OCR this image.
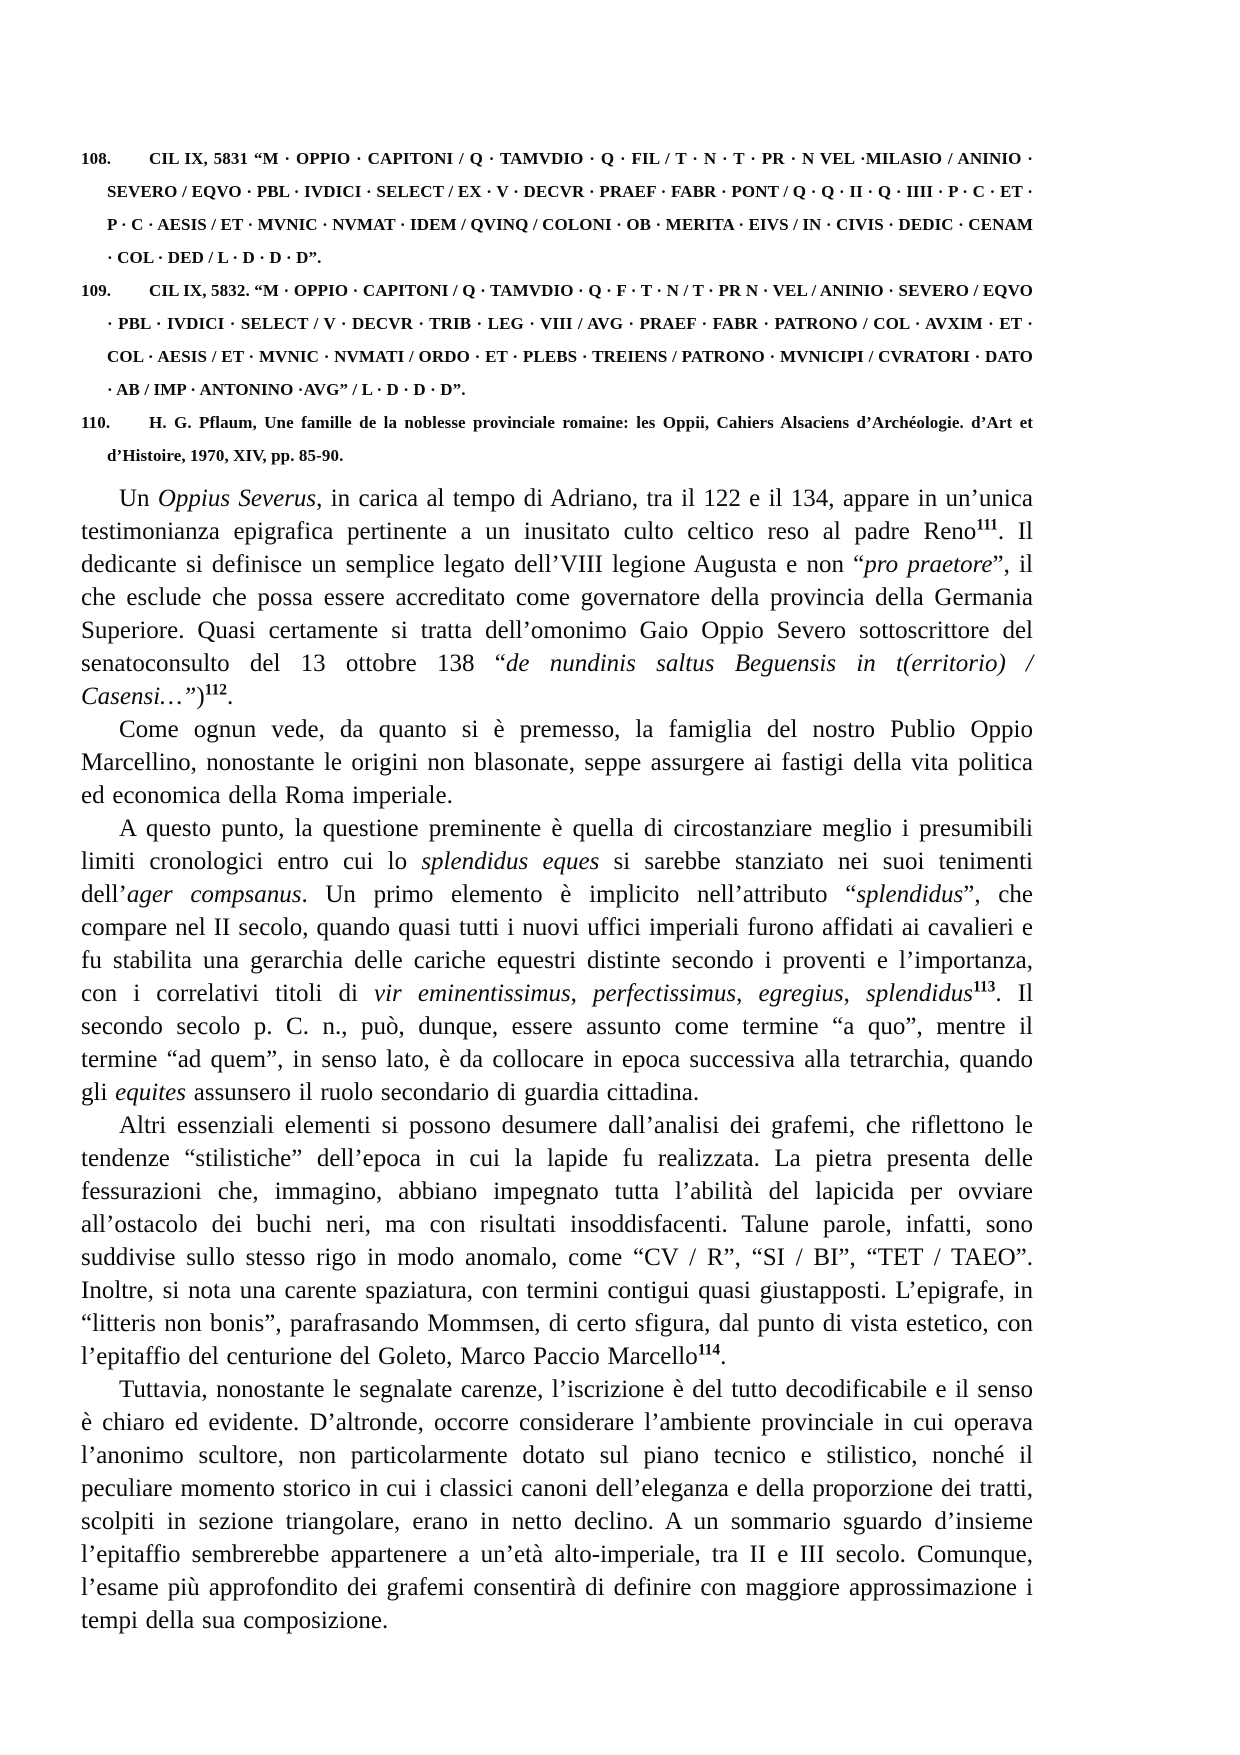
108. CIL IX, 5831 “M · OPPIO · CAPITONI / Q · TAMVDIO · Q · FIL / T · N · T · PR · N VEL ·MILASIO / ANINIO · SEVERO / EQVO · PBL · IVDICI · SELECT / EX · V · DECVR · PRAEF · FABR · PONT / Q · Q · II · Q · IIII · P · C · ET · P · C · AESIS / ET · MVNIC · NVMAT · IDEM / QVINQ / COLONI · OB · MERITA · EIVS / IN · CIVIS · DEDIC · CENAM · COL · DED / L · D · D · D”.
109. CIL IX, 5832. “M · OPPIO · CAPITONI / Q · TAMVDIO · Q · F · T · N / T · PR N · VEL / ANINIO · SEVERO / EQVO · PBL · IVDICI · SELECT / V · DECVR · TRIB · LEG · VIII / AVG · PRAEF · FABR · PATRONO / COL · AVXIM · ET · COL · AESIS / ET · MVNIC · NVMATI / ORDO · ET · PLEBS · TREIENS / PATRONO · MVNICIPI / CVRATORI · DATO · AB / IMP · ANTONINO ·AVG” / L · D · D · D”.
110. H. G. Pflaum, Une famille de la noblesse provinciale romaine: les Oppii, Cahiers Alsaciens d’Archéologie. d’Art et d’Histoire, 1970, XIV, pp. 85-90.

Un Oppius Severus, in carica al tempo di Adriano, tra il 122 e il 134, appare in un’unica testimonianza epigrafica pertinente a un inusitato culto celtico reso al padre Reno$^{111}$. Il dedicante si definisce un semplice legato dell’VIII legione Augusta e non “pro praetore”, il che esclude che possa essere accreditato come governatore della provincia della Germania Superiore. Quasi certamente si tratta dell’omonimo Gaio Oppio Severo sottoscrittore del senatoconsulto del 13 ottobre 138 “de nundinis saltus Beguensis in t(erritorio) / Casensi…”)$^{112}$.

Come ognun vede, da quanto si è premesso, la famiglia del nostro Publio Oppio Marcellino, nonostante le origini non blasonate, seppe assurgere ai fastigi della vita politica ed economica della Roma imperiale.

A questo punto, la questione preminente è quella di circostanziare meglio i presumibili limiti cronologici entro cui lo splendidus eques si sarebbe stanziato nei suoi tenimenti dell’ager compsanus. Un primo elemento è implicito nell’attributo “splendidus”, che compare nel II secolo, quando quasi tutti i nuovi uffici imperiali furono affidati ai cavalieri e fu stabilita una gerarchia delle cariche equestri distinte secondo i proventi e l’importanza, con i correlativi titoli di vir eminentissimus, perfectissimus, egregius, splendidus$^{113}$. Il secondo secolo p. C. n., può, dunque, essere assunto come termine “a quo”, mentre il termine “ad quem”, in senso lato, è da collocare in epoca successiva alla tetrarchia, quando gli equites assunsero il ruolo secondario di guardia cittadina.

Altri essenziali elementi si possono desumere dall’analisi dei grafemi, che riflettono le tendenze “stilistiche” dell’epoca in cui la lapide fu realizzata. La pietra presenta delle fessurazioni che, immagino, abbiano impegnato tutta l’abilità del lapicida per ovviare all’ostacolo dei buchi neri, ma con risultati insoddisfacenti. Talune parole, infatti, sono suddivise sullo stesso rigo in modo anomalo, come “CV / R”, “SI / BI”, “TET / TAEO”. Inoltre, si nota una carente spaziatura, con termini contigui quasi giustapposti. L’epigrafe, in “litteris non bonis”, parafrasando Mommsen, di certo sfigura, dal punto di vista estetico, con l’epitaffio del centurione del Goleto, Marco Paccio Marcello$^{114}$.

Tuttavia, nonostante le segnalate carenze, l’iscrizione è del tutto decodificabile e il senso è chiaro ed evidente. D’altronde, occorre considerare l’ambiente provinciale in cui operava l’anonimo scultore, non particolarmente dotato sul piano tecnico e stilistico, nonché il peculiare momento storico in cui i classici canoni dell’eleganza e della proporzione dei tratti, scolpiti in sezione triangolare, erano in netto declino. A un sommario sguardo d’insieme l’epitaffio sembrerebbe appartenere a un’età alto-imperiale, tra II e III secolo. Comunque, l’esame più approfondito dei grafemi consentirà di definire con maggiore approssimazione i tempi della sua composizione.
